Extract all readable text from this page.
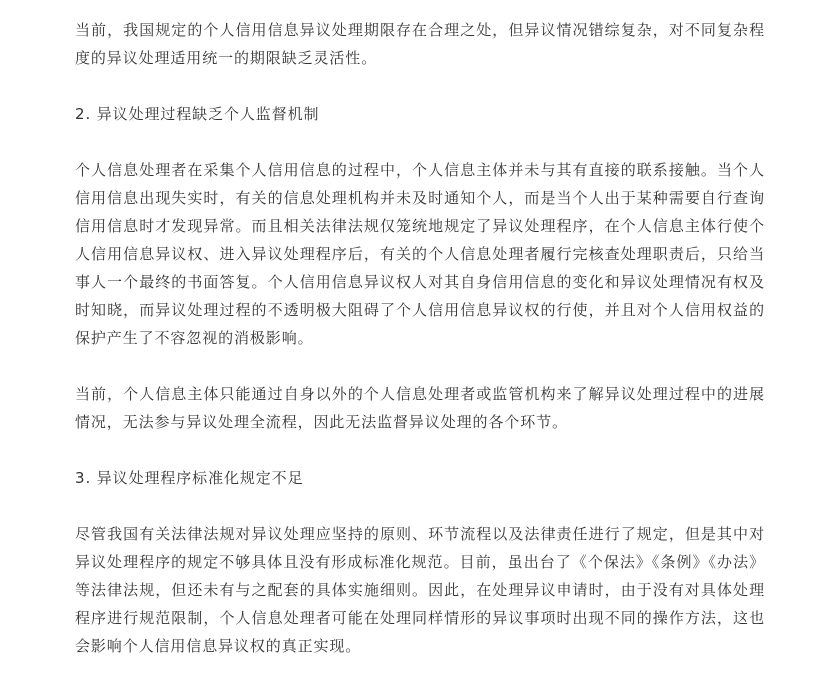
当前，我国规定的个人信用信息异议处理期限存在合理之处，但异议情况错综复杂，对不同复杂程度的异议处理适用统一的期限缺乏灵活性。

2. 异议处理过程缺乏个人监督机制

个人信息处理者在采集个人信用信息的过程中，个人信息主体并未与其有直接的联系接触。当个人信用信息出现失实时，有关的信息处理机构并未及时通知个人，而是当个人出于某种需要自行查询信用信息时才发现异常。而且相关法律法规仅笼统地规定了异议处理程序，在个人信息主体行使个人信用信息异议权、进入异议处理程序后，有关的个人信息处理者履行完核查处理职责后，只给当事人一个最终的书面答复。个人信用信息异议权人对其自身信用信息的变化和异议处理情况有权及时知晓，而异议处理过程的不透明极大阻碍了个人信用信息异议权的行使，并且对个人信用权益的保护产生了不容忽视的消极影响。

当前，个人信息主体只能通过自身以外的个人信息处理者或监管机构来了解异议处理过程中的进展情况，无法参与异议处理全流程，因此无法监督异议处理的各个环节。

3. 异议处理程序标准化规定不足

尽管我国有关法律法规对异议处理应坚持的原则、环节流程以及法律责任进行了规定，但是其中对异议处理程序的规定不够具体且没有形成标准化规范。目前，虽出台了《个保法》《条例》《办法》等法律法规，但还未有与之配套的具体实施细则。因此，在处理异议申请时，由于没有对具体处理程序进行规范限制，个人信息处理者可能在处理同样情形的异议事项时出现不同的操作方法，这也会影响个人信用信息异议权的真正实现。
